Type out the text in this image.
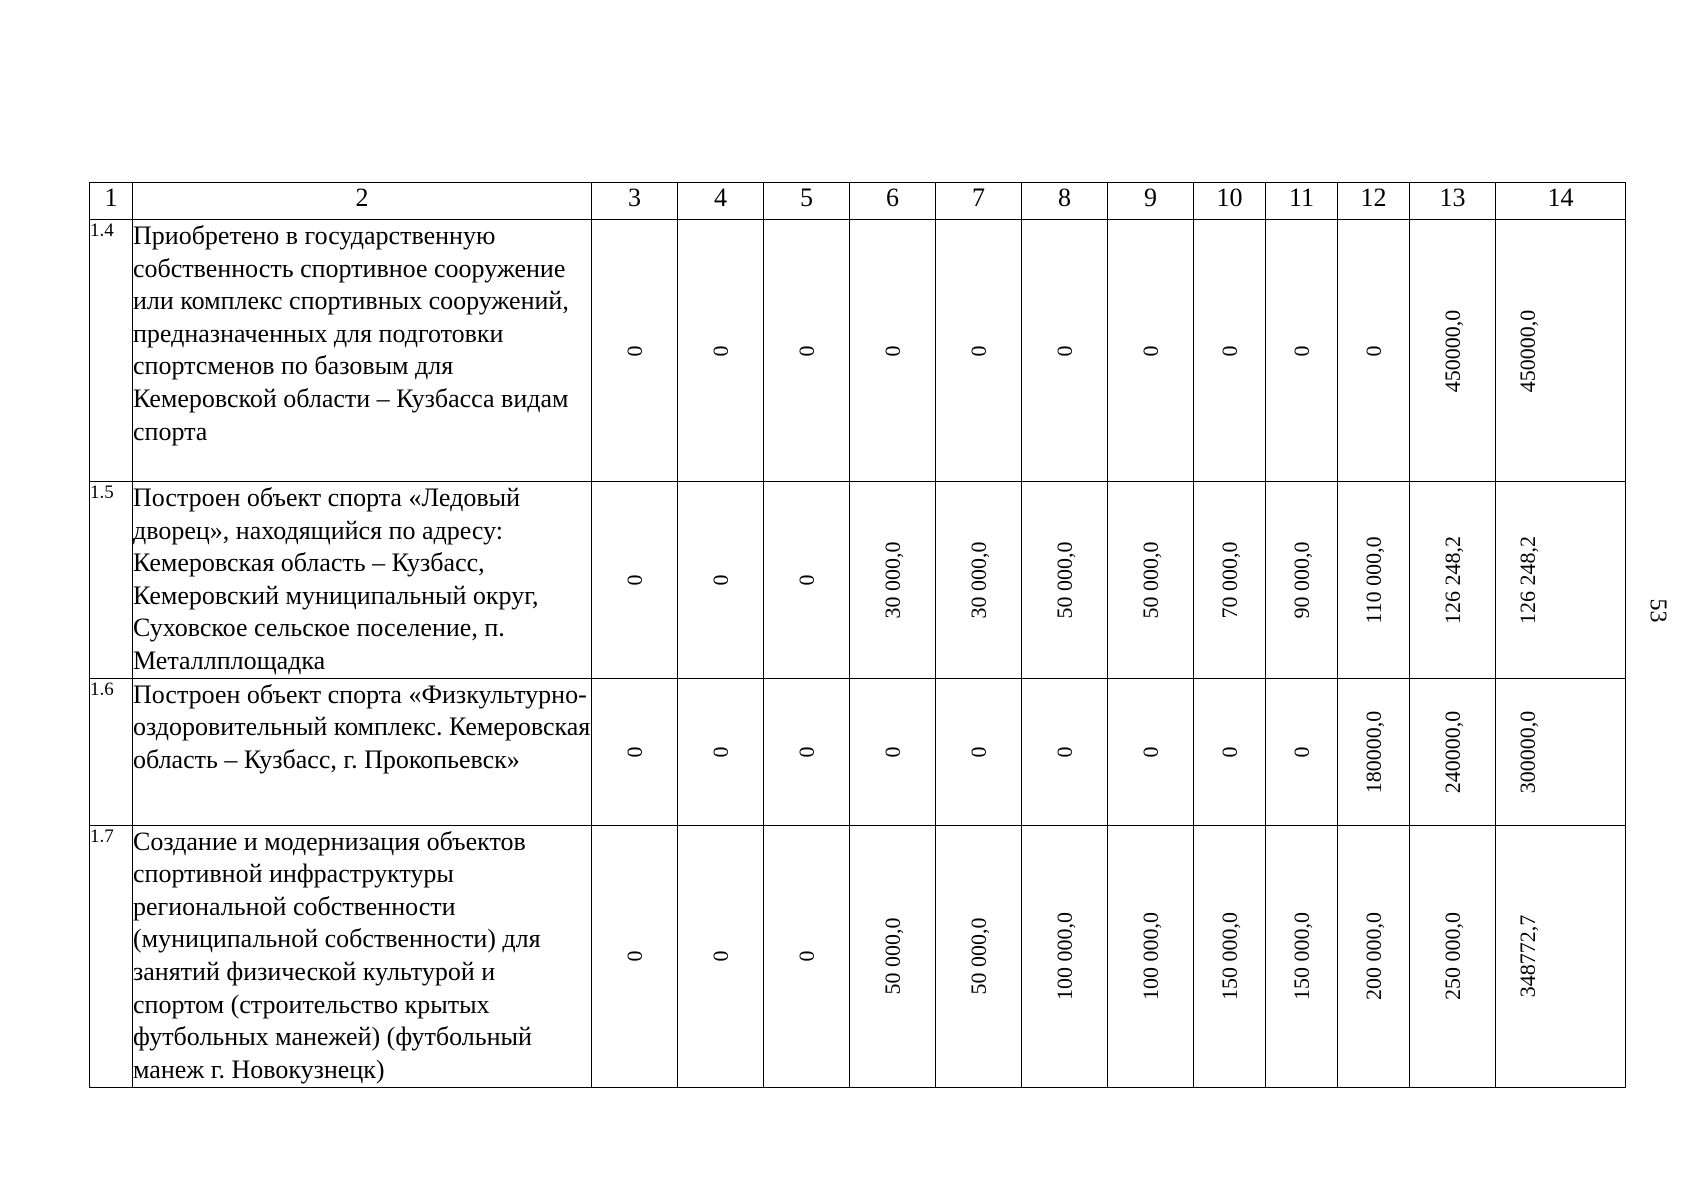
1	2	3	4	5	6	7	8	9	10	11	12	13	14
1.4	Приобретено в государственную собственность спортивное сооружение или комплекс спортивных сооружений, предназначенных для подготовки спортсменов по базовым для Кемеровской области – Кузбасса видам спорта	0	0	0	0	0	0	0	0	0	0	450000,0	450000,0

1.5	Построен объект спорта «Ледовый дворец», находящийся по адресу: Кемеровская область – Кузбасс, Кемеровский муниципальный округ, Суховское сельское поселение, п. Металлплощадка	0	0	0	30 000,0	30 000,0	50 000,0	50 000,0	70 000,0	90 000,0	110 000,0	126 248,2	126 248,2

1.6	Построен объект спорта «Физкультурно-оздоровительный комплекс. Кемеровская область – Кузбасс, г. Прокопьевск»	0	0	0	0	0	0	0	0	0	180000,0	240000,0	300000,0

1.7	Создание и модернизация объектов спортивной инфраструктуры региональной собственности (муниципальной собственности) для занятий физической культурой и спортом (строительство крытых футбольных манежей) (футбольный манеж г. Новокузнецк)	0	0	0	50 000,0	50 000,0	100 000,0	100 000,0	150 000,0	150 000,0	200 000,0	250 000,0	348772,7
53
